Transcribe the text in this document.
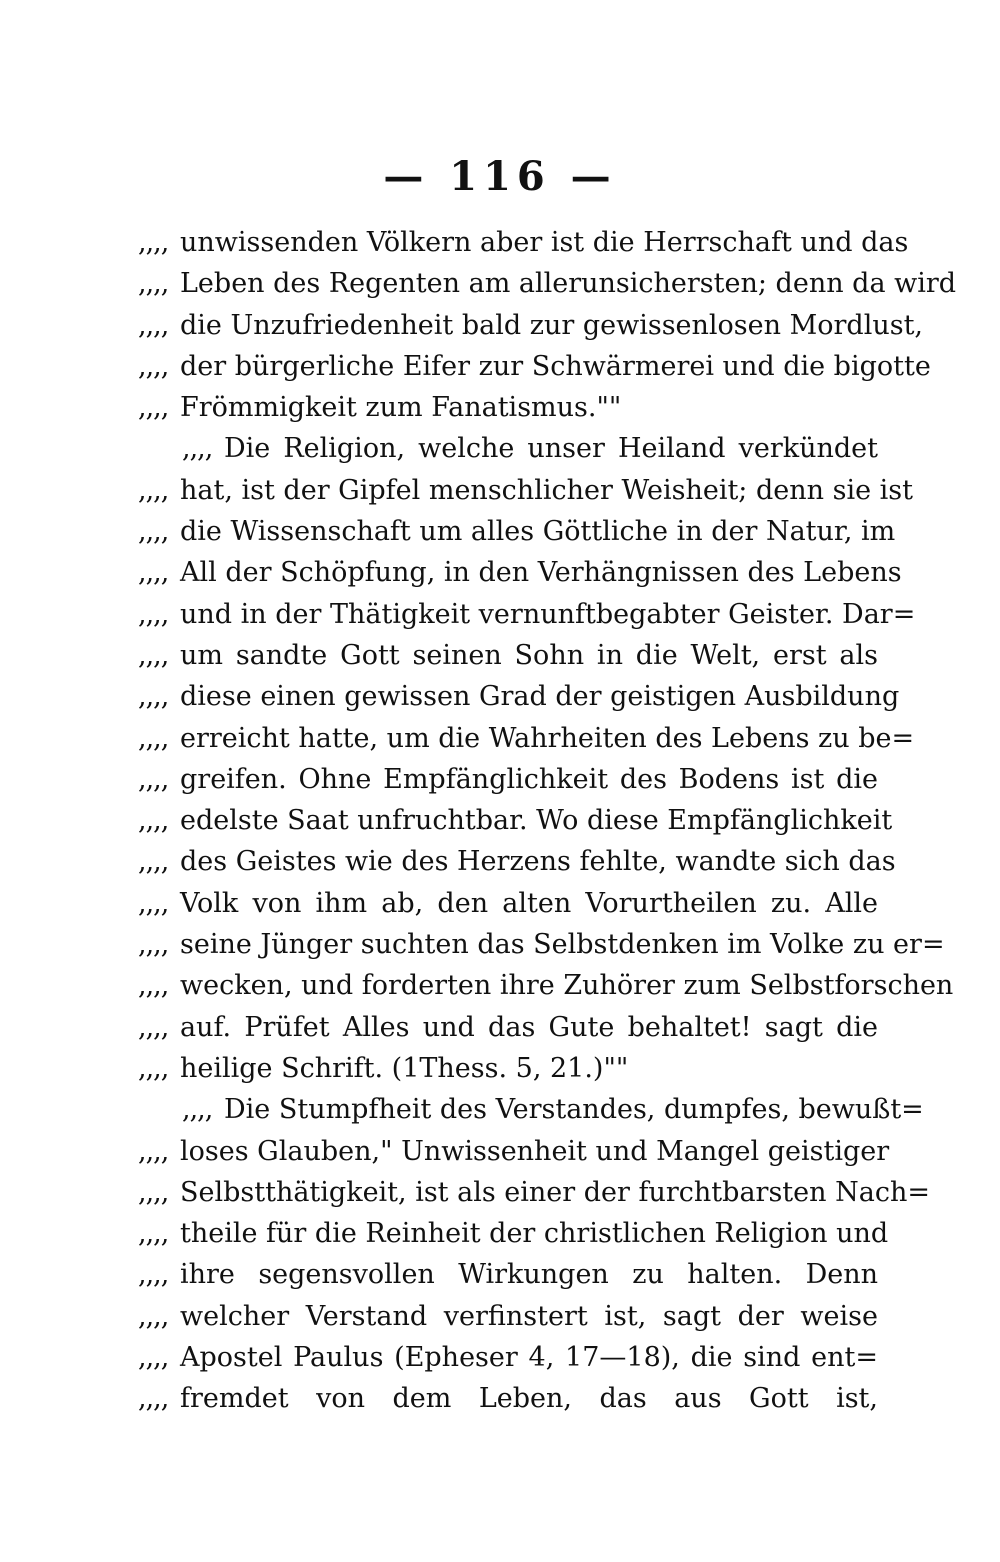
— 116 —
,,,, unwissenden Völkern aber ist die Herrschaft und das
,,,, Leben des Regenten am allerunsichersten; denn da wird
,,,, die Unzufriedenheit bald zur gewissenlosen Mordlust,
,,,, der bürgerliche Eifer zur Schwärmerei und die bigotte
,,,, Frömmigkeit zum Fanatismus.""
,,,, Die Religion, welche unser Heiland verkündet
,,,, hat, ist der Gipfel menschlicher Weisheit; denn sie ist
,,,, die Wissenschaft um alles Göttliche in der Natur, im
,,,, All der Schöpfung, in den Verhängnissen des Lebens
,,,, und in der Thätigkeit vernunftbegabter Geister. Dar=
,,,, um sandte Gott seinen Sohn in die Welt, erst als
,,,, diese einen gewissen Grad der geistigen Ausbildung
,,,, erreicht hatte, um die Wahrheiten des Lebens zu be=
,,,, greifen. Ohne Empfänglichkeit des Bodens ist die
,,,, edelste Saat unfruchtbar. Wo diese Empfänglichkeit
,,,, des Geistes wie des Herzens fehlte, wandte sich das
,,,, Volk von ihm ab, den alten Vorurtheilen zu. Alle
,,,, seine Jünger suchten das Selbstdenken im Volke zu er=
,,,, wecken, und forderten ihre Zuhörer zum Selbstforschen
,,,, auf. Prüfet Alles und das Gute behaltet! sagt die
,,,, heilige Schrift. (1Thess. 5, 21.)""
,,,, Die Stumpfheit des Verstandes, dumpfes, bewußt=
,,,, loses Glauben," Unwissenheit und Mangel geistiger
,,,, Selbstthätigkeit, ist als einer der furchtbarsten Nach=
,,,, theile für die Reinheit der christlichen Religion und
,,,, ihre segensvollen Wirkungen zu halten. Denn
,,,, welcher Verstand verfinstert ist, sagt der weise
,,,, Apostel Paulus (Epheser 4, 17—18), die sind ent=
,,,, fremdet von dem Leben, das aus Gott ist,
